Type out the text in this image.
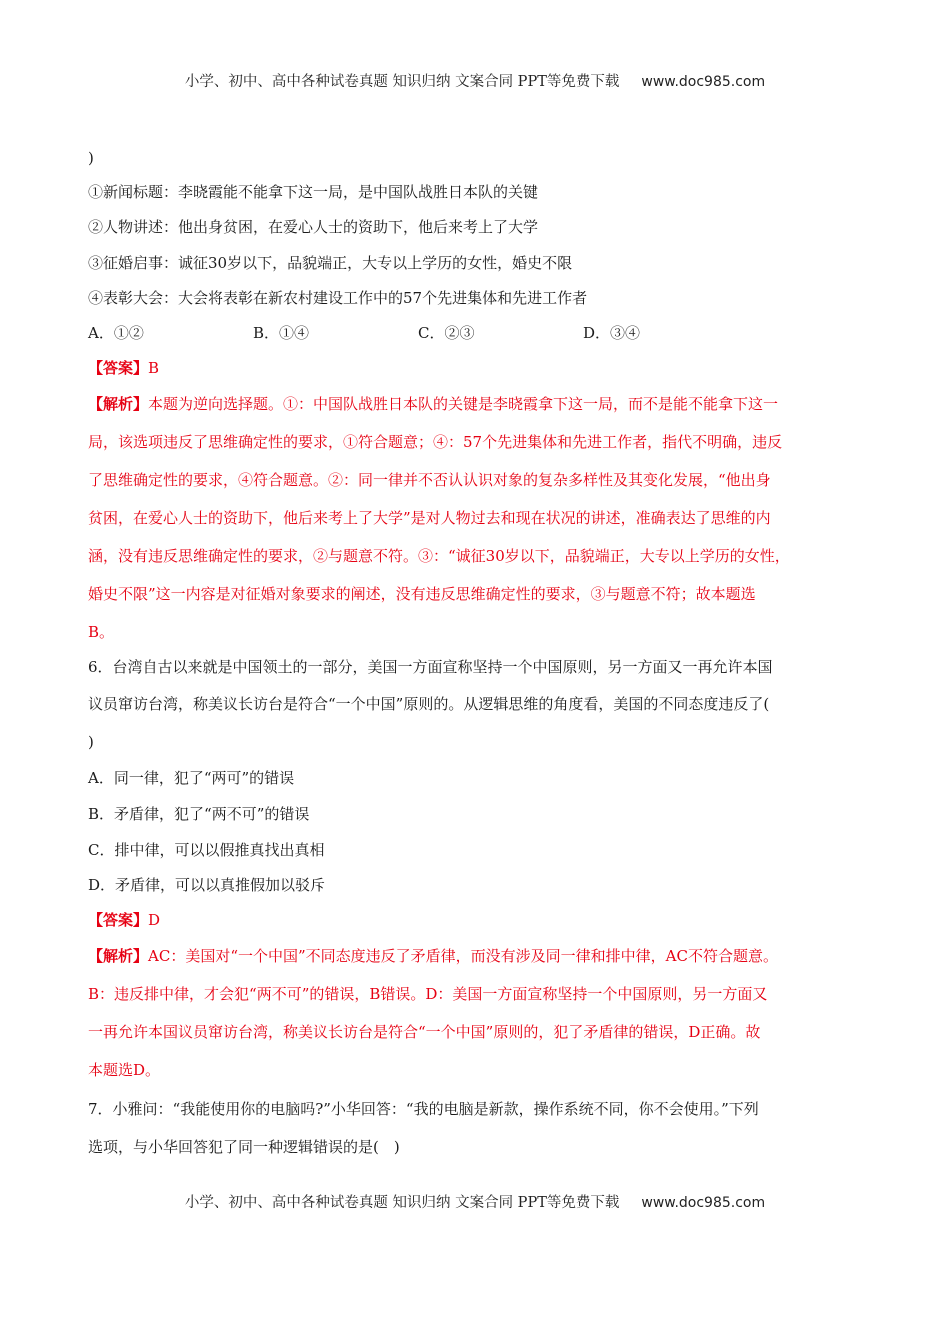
小学、初中、高中各种试卷真题 知识归纳 文案合同 PPT等免费下载 www.doc985.com
)
①新闻标题：李晓霞能不能拿下这一局，是中国队战胜日本队的关键
②人物讲述：他出身贫困，在爱心人士的资助下，他后来考上了大学
③征婚启事：诚征30岁以下，品貌端正，大专以上学历的女性，婚史不限
④表彰大会：大会将表彰在新农村建设工作中的57个先进集体和先进工作者
A．①②	B．①④	C．②③	D．③④
【答案】B
【解析】本题为逆向选择题。①：中国队战胜日本队的关键是李晓霞拿下这一局，而不是能不能拿下这一
局，该选项违反了思维确定性的要求，①符合题意；④：57个先进集体和先进工作者，指代不明确，违反
了思维确定性的要求，④符合题意。②：同一律并不否认认识对象的复杂多样性及其变化发展，“他出身
贫困，在爱心人士的资助下，他后来考上了大学”是对人物过去和现在状况的讲述，准确表达了思维的内
涵，没有违反思维确定性的要求，②与题意不符。③：“诚征30岁以下，品貌端正，大专以上学历的女性，
婚史不限”这一内容是对征婚对象要求的阐述，没有违反思维确定性的要求，③与题意不符；故本题选
B。
6．台湾自古以来就是中国领土的一部分，美国一方面宣称坚持一个中国原则，另一方面又一再允许本国
议员窜访台湾，称美议长访台是符合“一个中国”原则的。从逻辑思维的角度看，美国的不同态度违反了(
)
A．同一律，犯了“两可”的错误
B．矛盾律，犯了“两不可”的错误
C．排中律，可以以假推真找出真相
D．矛盾律，可以以真推假加以驳斥
【答案】D
【解析】AC：美国对“一个中国”不同态度违反了矛盾律，而没有涉及同一律和排中律，AC不符合题意。
B：违反排中律，才会犯“两不可”的错误，B错误。D：美国一方面宣称坚持一个中国原则，另一方面又
一再允许本国议员窜访台湾，称美议长访台是符合“一个中国”原则的，犯了矛盾律的错误，D正确。故
本题选D。
7．小雅问：“我能使用你的电脑吗?”小华回答：“我的电脑是新款，操作系统不同，你不会使用。”下列
选项，与小华回答犯了同一种逻辑错误的是(　)
小学、初中、高中各种试卷真题 知识归纳 文案合同 PPT等免费下载 www.doc985.com
